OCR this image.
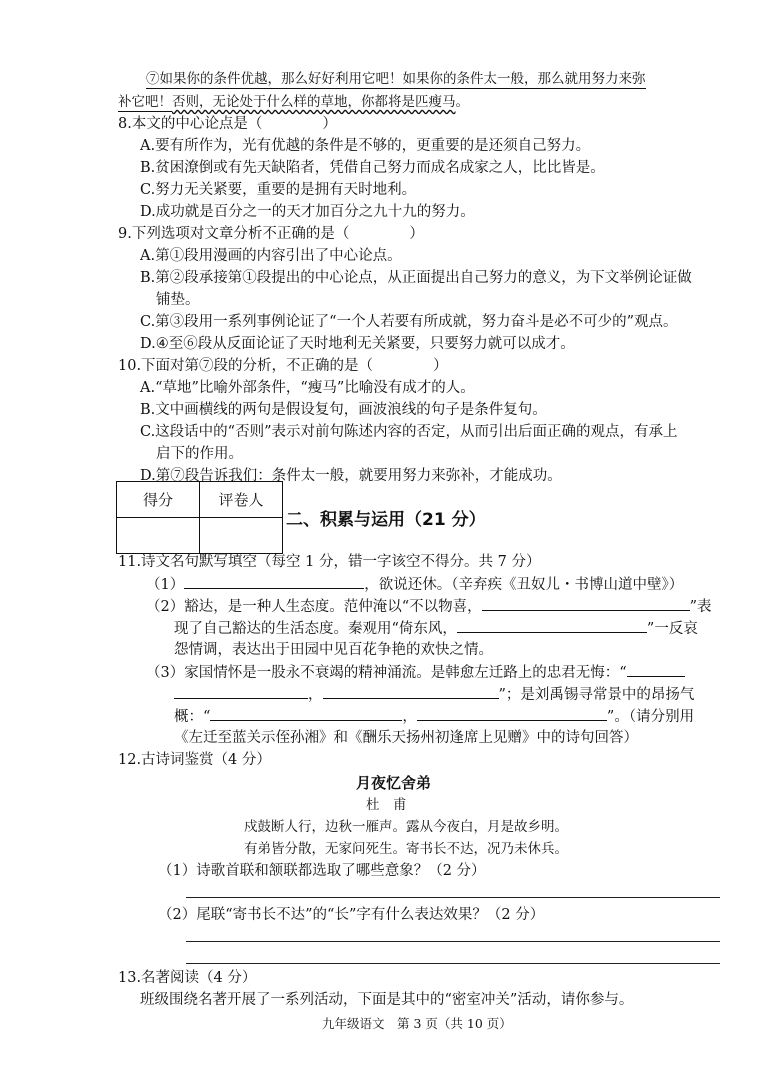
⑦如果你的条件优越，那么好好利用它吧！如果你的条件太一般，那么就用努力来弥
补它吧！否则，无论处于什么样的草地，你都将是匹瘦马。
8.本文的中心论点是（	）
A.要有所作为，光有优越的条件是不够的，更重要的是还须自己努力。
B.贫困潦倒或有先天缺陷者，凭借自己努力而成名成家之人，比比皆是。
C.努力无关紧要，重要的是拥有天时地利。
D.成功就是百分之一的天才加百分之九十九的努力。
9.下列选项对文章分析不正确的是（	）
A.第①段用漫画的内容引出了中心论点。
B.第②段承接第①段提出的中心论点，从正面提出自己努力的意义，为下文举例论证做
铺垫。
C.第③段用一系列事例论证了“一个人若要有所成就，努力奋斗是必不可少的”观点。
D.④至⑥段从反面论证了天时地利无关紧要，只要努力就可以成才。
10.下面对第⑦段的分析，不正确的是（	）
A.“草地”比喻外部条件，“瘦马”比喻没有成才的人。
B.文中画横线的两句是假设复句，画波浪线的句子是条件复句。
C.这段话中的“否则”表示对前句陈述内容的否定，从而引出后面正确的观点，有承上
启下的作用。
D.第⑦段告诉我们：条件太一般，就要用努力来弥补，才能成功。
得分	评卷人

二、积累与运用（21 分）
11.诗文名句默写填空（每空 1 分，错一字该空不得分。共 7 分）
（1）	，欲说还休。（辛弃疾《丑奴儿・书博山道中壁》）
（2）豁达，是一种人生态度。范仲淹以“不以物喜，	”表
现了自己豁达的生活态度。秦观用“倚东风，	”一反哀
怨情调，表达出于田园中见百花争艳的欢快之情。
（3）家国情怀是一股永不衰竭的精神涌流。是韩愈左迁路上的忠君无悔：“
，	”；是刘禹锡寻常景中的昂扬气
概：“	，	”。（请分别用
《左迁至蓝关示侄孙湘》和《酬乐天扬州初逢席上见赠》中的诗句回答）
12.古诗词鉴赏（4 分）
月夜忆舍弟
杜　甫
戍鼓断人行，边秋一雁声。露从今夜白，月是故乡明。
有弟皆分散，无家问死生。寄书长不达，况乃未休兵。
（1）诗歌首联和颔联都选取了哪些意象？（2 分）
（2）尾联“寄书长不达”的“长”字有什么表达效果？（2 分）
13.名著阅读（4 分）
班级围绕名著开展了一系列活动，下面是其中的“密室冲关”活动，请你参与。
九年级语文　第 3 页（共 10 页）
